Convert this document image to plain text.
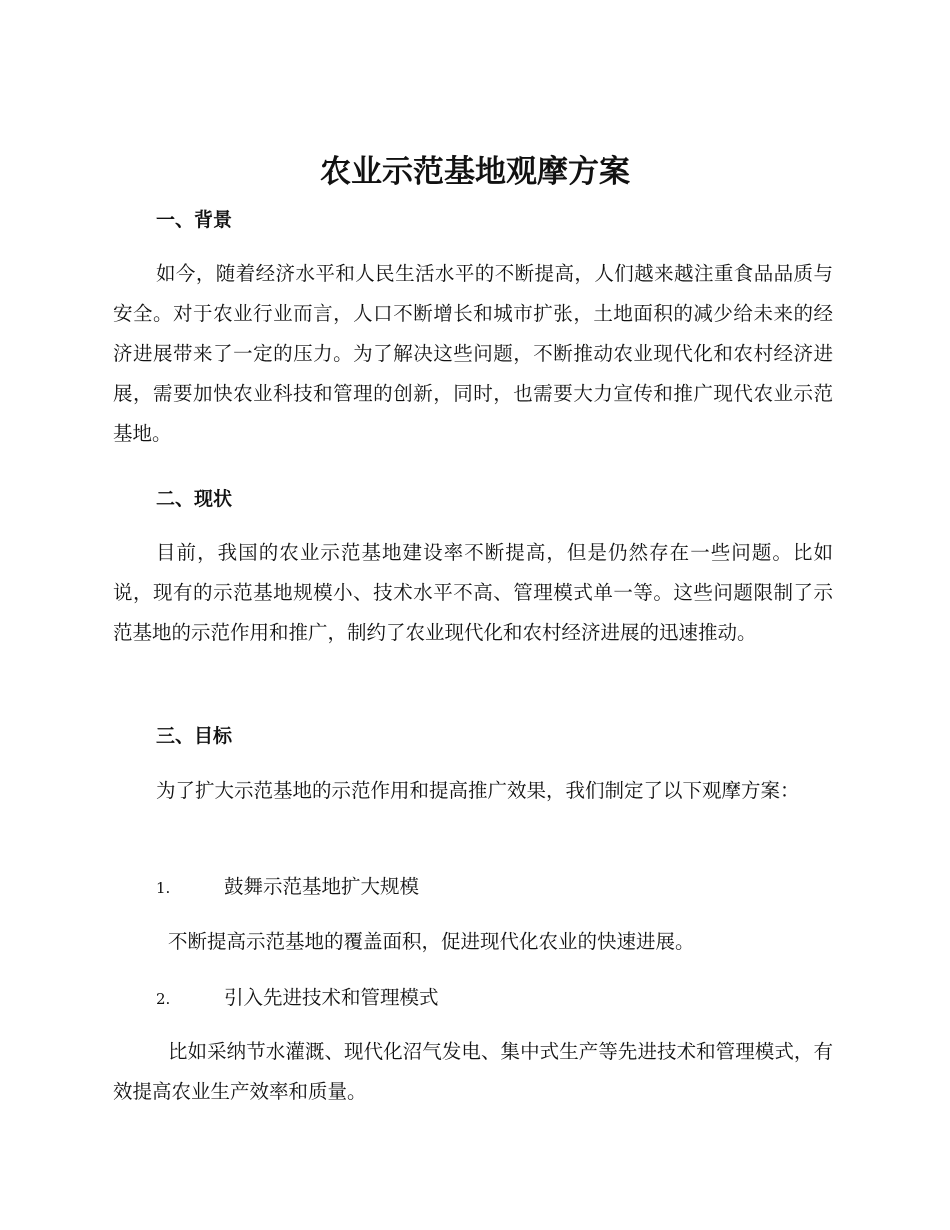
农业示范基地观摩方案
一、背景
如今，随着经济水平和人民生活水平的不断提高，人们越来越注重食品品质与安全。对于农业行业而言，人口不断增长和城市扩张，土地面积的减少给未来的经济进展带来了一定的压力。为了解决这些问题，不断推动农业现代化和农村经济进展，需要加快农业科技和管理的创新，同时，也需要大力宣传和推广现代农业示范基地。
二、现状
目前，我国的农业示范基地建设率不断提高，但是仍然存在一些问题。比如说，现有的示范基地规模小、技术水平不高、管理模式单一等。这些问题限制了示范基地的示范作用和推广，制约了农业现代化和农村经济进展的迅速推动。
三、目标
为了扩大示范基地的示范作用和提高推广效果，我们制定了以下观摩方案：
1.	鼓舞示范基地扩大规模
不断提高示范基地的覆盖面积，促进现代化农业的快速进展。
2.	引入先进技术和管理模式
比如采纳节水灌溉、现代化沼气发电、集中式生产等先进技术和管理模式，有效提高农业生产效率和质量。
